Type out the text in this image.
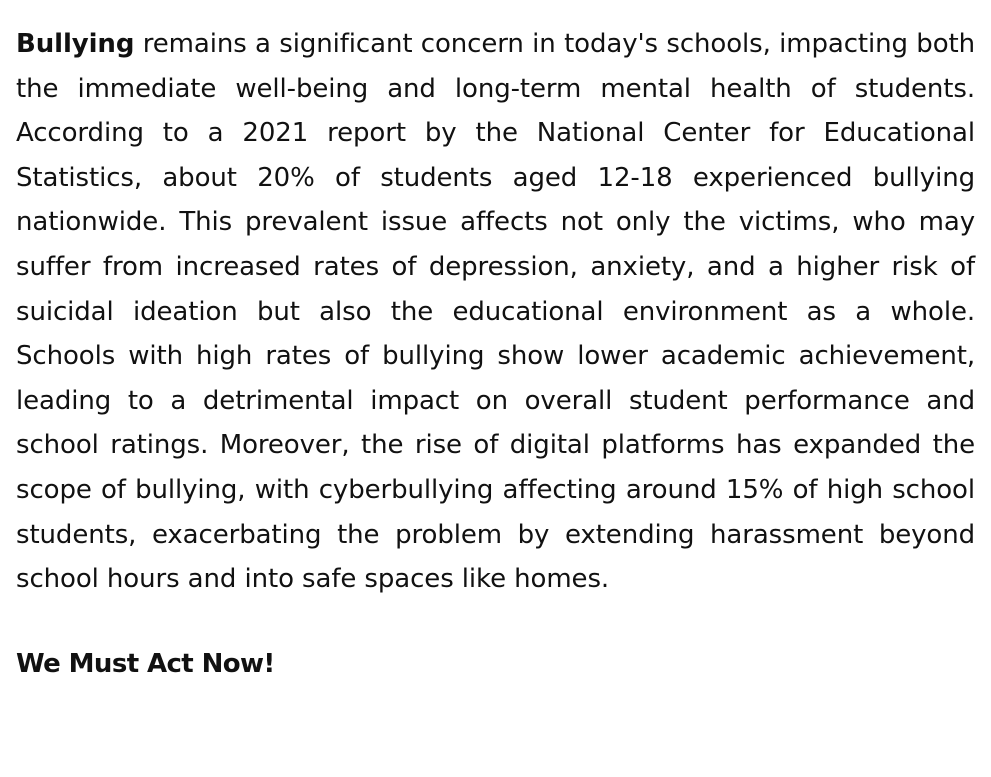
Bullying remains a significant concern in today's schools, impacting both the immediate well-being and long-term mental health of students. According to a 2021 report by the National Center for Educational Statistics, about 20% of students aged 12-18 experienced bullying nationwide. This prevalent issue affects not only the victims, who may suffer from increased rates of depression, anxiety, and a higher risk of suicidal ideation but also the educational environment as a whole. Schools with high rates of bullying show lower academic achievement, leading to a detrimental impact on overall student performance and school ratings. Moreover, the rise of digital platforms has expanded the scope of bullying, with cyberbullying affecting around 15% of high school students, exacerbating the problem by extending harassment beyond school hours and into safe spaces like homes.

We Must Act Now!
